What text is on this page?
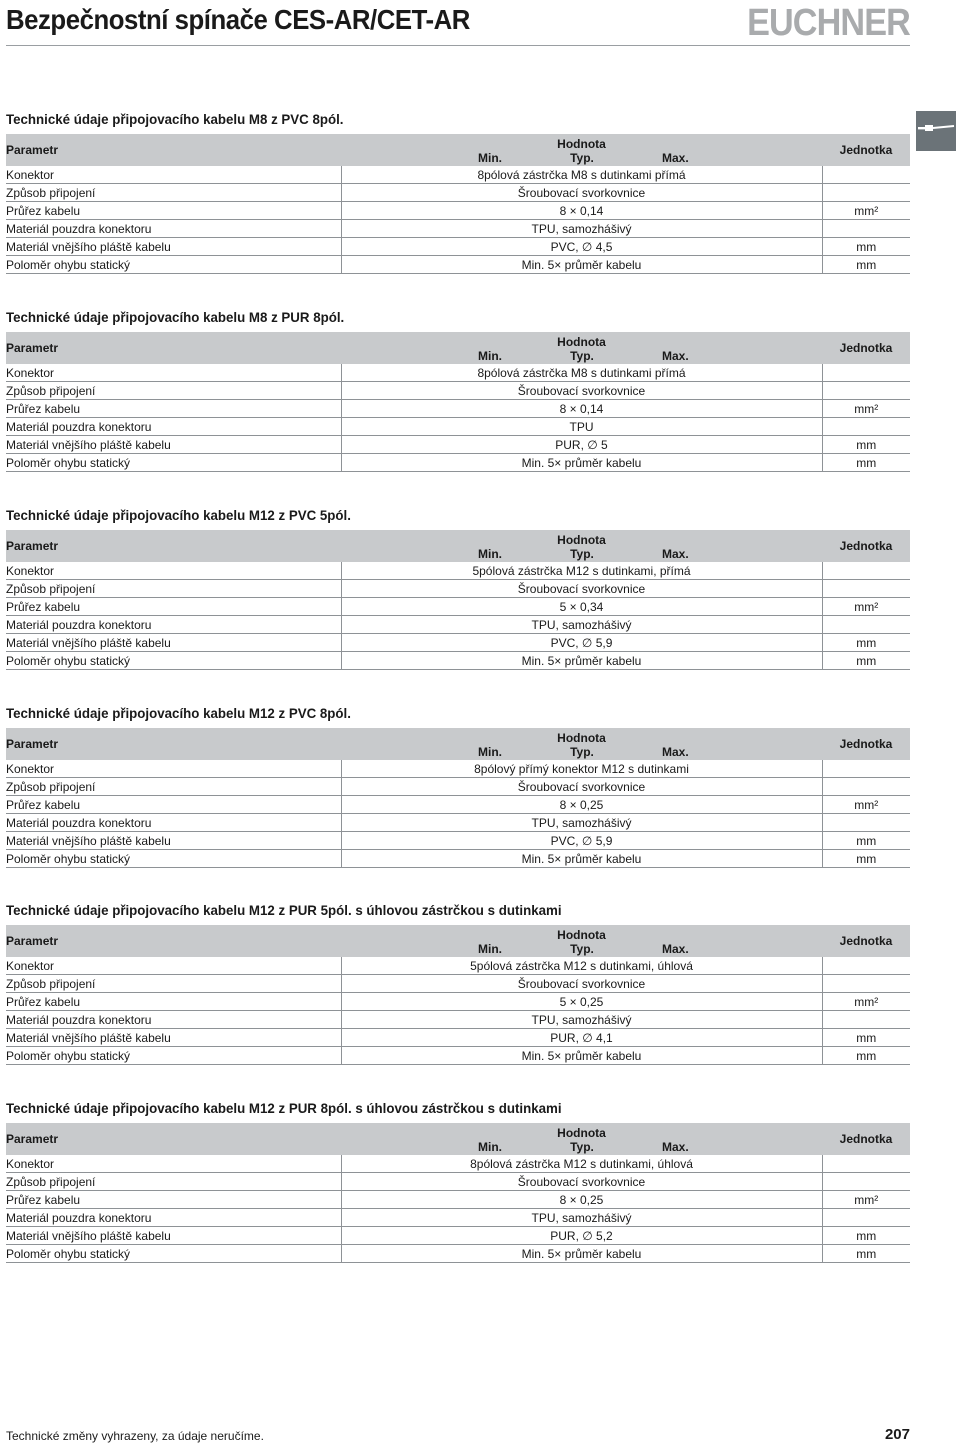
Bezpečnostní spínače CES-AR/CET-AR	EUCHNER
Technické údaje připojovacího kabelu M8 z PVC 8pól.
Parametr	Hodnota			Jednotka
	Min.	Typ.	Max.	
Konektor	8pólová zástrčka M8 s dutinkami přímá			
Způsob připojení	Šroubovací svorkovnice			
Průřez kabelu	8 × 0,14			mm²
Materiál pouzdra konektoru	TPU, samozhášivý			
Materiál vnějšího pláště kabelu	PVC, ∅ 4,5			mm
Poloměr ohybu statický	Min. 5× průměr kabelu			mm
Technické údaje připojovacího kabelu M8 z PUR 8pól.
Parametr	Hodnota			Jednotka
	Min.	Typ.	Max.	
Konektor	8pólová zástrčka M8 s dutinkami přímá			
Způsob připojení	Šroubovací svorkovnice			
Průřez kabelu	8 × 0,14			mm²
Materiál pouzdra konektoru	TPU			
Materiál vnějšího pláště kabelu	PUR, ∅ 5			mm
Poloměr ohybu statický	Min. 5× průměr kabelu			mm
Technické údaje připojovacího kabelu M12 z PVC 5pól.
Parametr	Hodnota			Jednotka
	Min.	Typ.	Max.	
Konektor	5pólová zástrčka M12 s dutinkami, přímá			
Způsob připojení	Šroubovací svorkovnice			
Průřez kabelu	5 × 0,34			mm²
Materiál pouzdra konektoru	TPU, samozhášivý			
Materiál vnějšího pláště kabelu	PVC, ∅ 5,9			mm
Poloměr ohybu statický	Min. 5× průměr kabelu			mm
Technické údaje připojovacího kabelu M12 z PVC 8pól.
Parametr	Hodnota			Jednotka
	Min.	Typ.	Max.	
Konektor	8pólový přímý konektor M12 s dutinkami			
Způsob připojení	Šroubovací svorkovnice			
Průřez kabelu	8 × 0,25			mm²
Materiál pouzdra konektoru	TPU, samozhášivý			
Materiál vnějšího pláště kabelu	PVC, ∅ 5,9			mm
Poloměr ohybu statický	Min. 5× průměr kabelu			mm
Technické údaje připojovacího kabelu M12 z PUR 5pól. s úhlovou zástrčkou s dutinkami
Parametr	Hodnota			Jednotka
	Min.	Typ.	Max.	
Konektor	5pólová zástrčka M12 s dutinkami, úhlová			
Způsob připojení	Šroubovací svorkovnice			
Průřez kabelu	5 × 0,25			mm²
Materiál pouzdra konektoru	TPU, samozhášivý			
Materiál vnějšího pláště kabelu	PUR, ∅ 4,1			mm
Poloměr ohybu statický	Min. 5× průměr kabelu			mm
Technické údaje připojovacího kabelu M12 z PUR 8pól. s úhlovou zástrčkou s dutinkami
Parametr	Hodnota			Jednotka
	Min.	Typ.	Max.	
Konektor	8pólová zástrčka M12 s dutinkami, úhlová			
Způsob připojení	Šroubovací svorkovnice			
Průřez kabelu	8 × 0,25			mm²
Materiál pouzdra konektoru	TPU, samozhášivý			
Materiál vnějšího pláště kabelu	PUR, ∅ 5,2			mm
Poloměr ohybu statický	Min. 5× průměr kabelu			mm
Technické změny vyhrazeny, za údaje neručíme.	207
